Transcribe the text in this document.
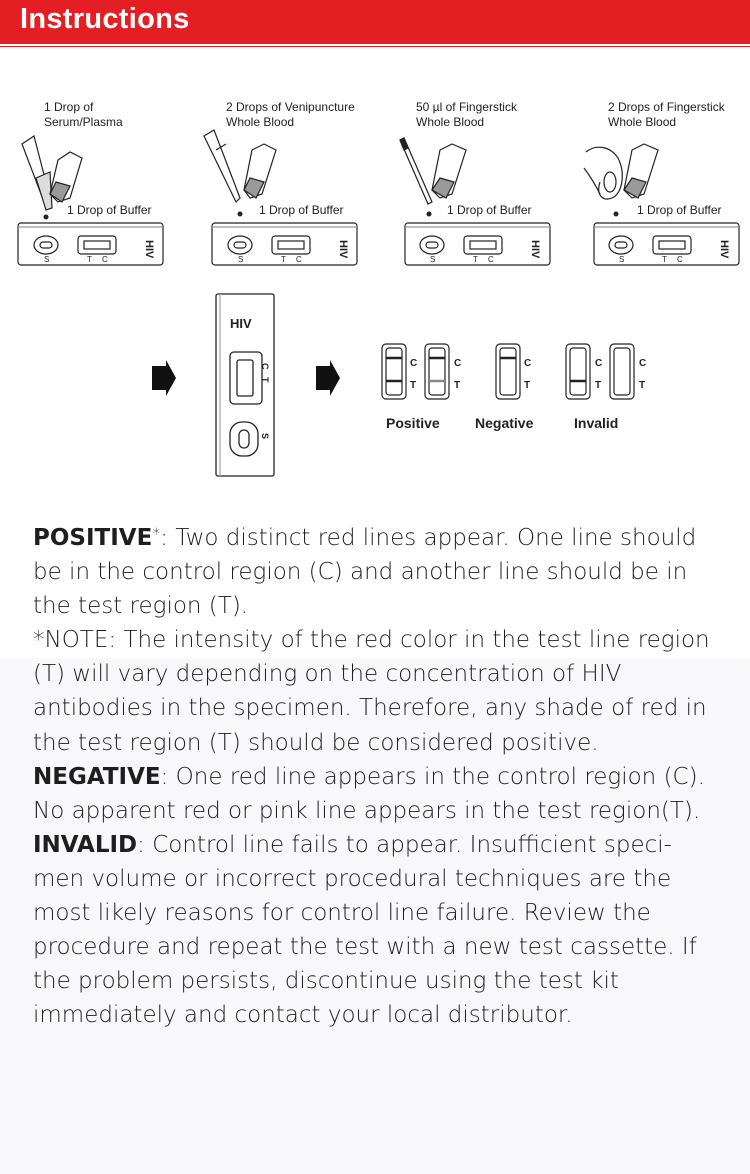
Instructions
1 Drop of
Serum/Plasma
1 Drop of Buffer
HIV
S	T C
2 Drops of Venipuncture
Whole Blood
1 Drop of Buffer
HIV
S	T C
50 µl of Fingerstick
Whole Blood
1 Drop of Buffer
HIV
S	T C
2 Drops of Fingerstick
Whole Blood
1 Drop of Buffer
HIV
S	T C
HIV
C
T
S
C
T
C
T
Positive
C
T
Negative
C
T
C
T
Invalid

POSITIVE*: Two distinct red lines appear. One line should be in the control region (C) and another line should be in the test region (T).

*NOTE: The intensity of the red color in the test line region (T) will vary depending on the concentration of HIV antibodies in the specimen. Therefore, any shade of red in the test region (T) should be considered positive.

NEGATIVE: One red line appears in the control region (C). No apparent red or pink line appears in the test region(T).

INVALID: Control line fails to appear. Insufficient speci-men volume or incorrect procedural techniques are the most likely reasons for control line failure. Review the procedure and repeat the test with a new test cassette. If the problem persists, discontinue using the test kit immediately and contact your local distributor.
